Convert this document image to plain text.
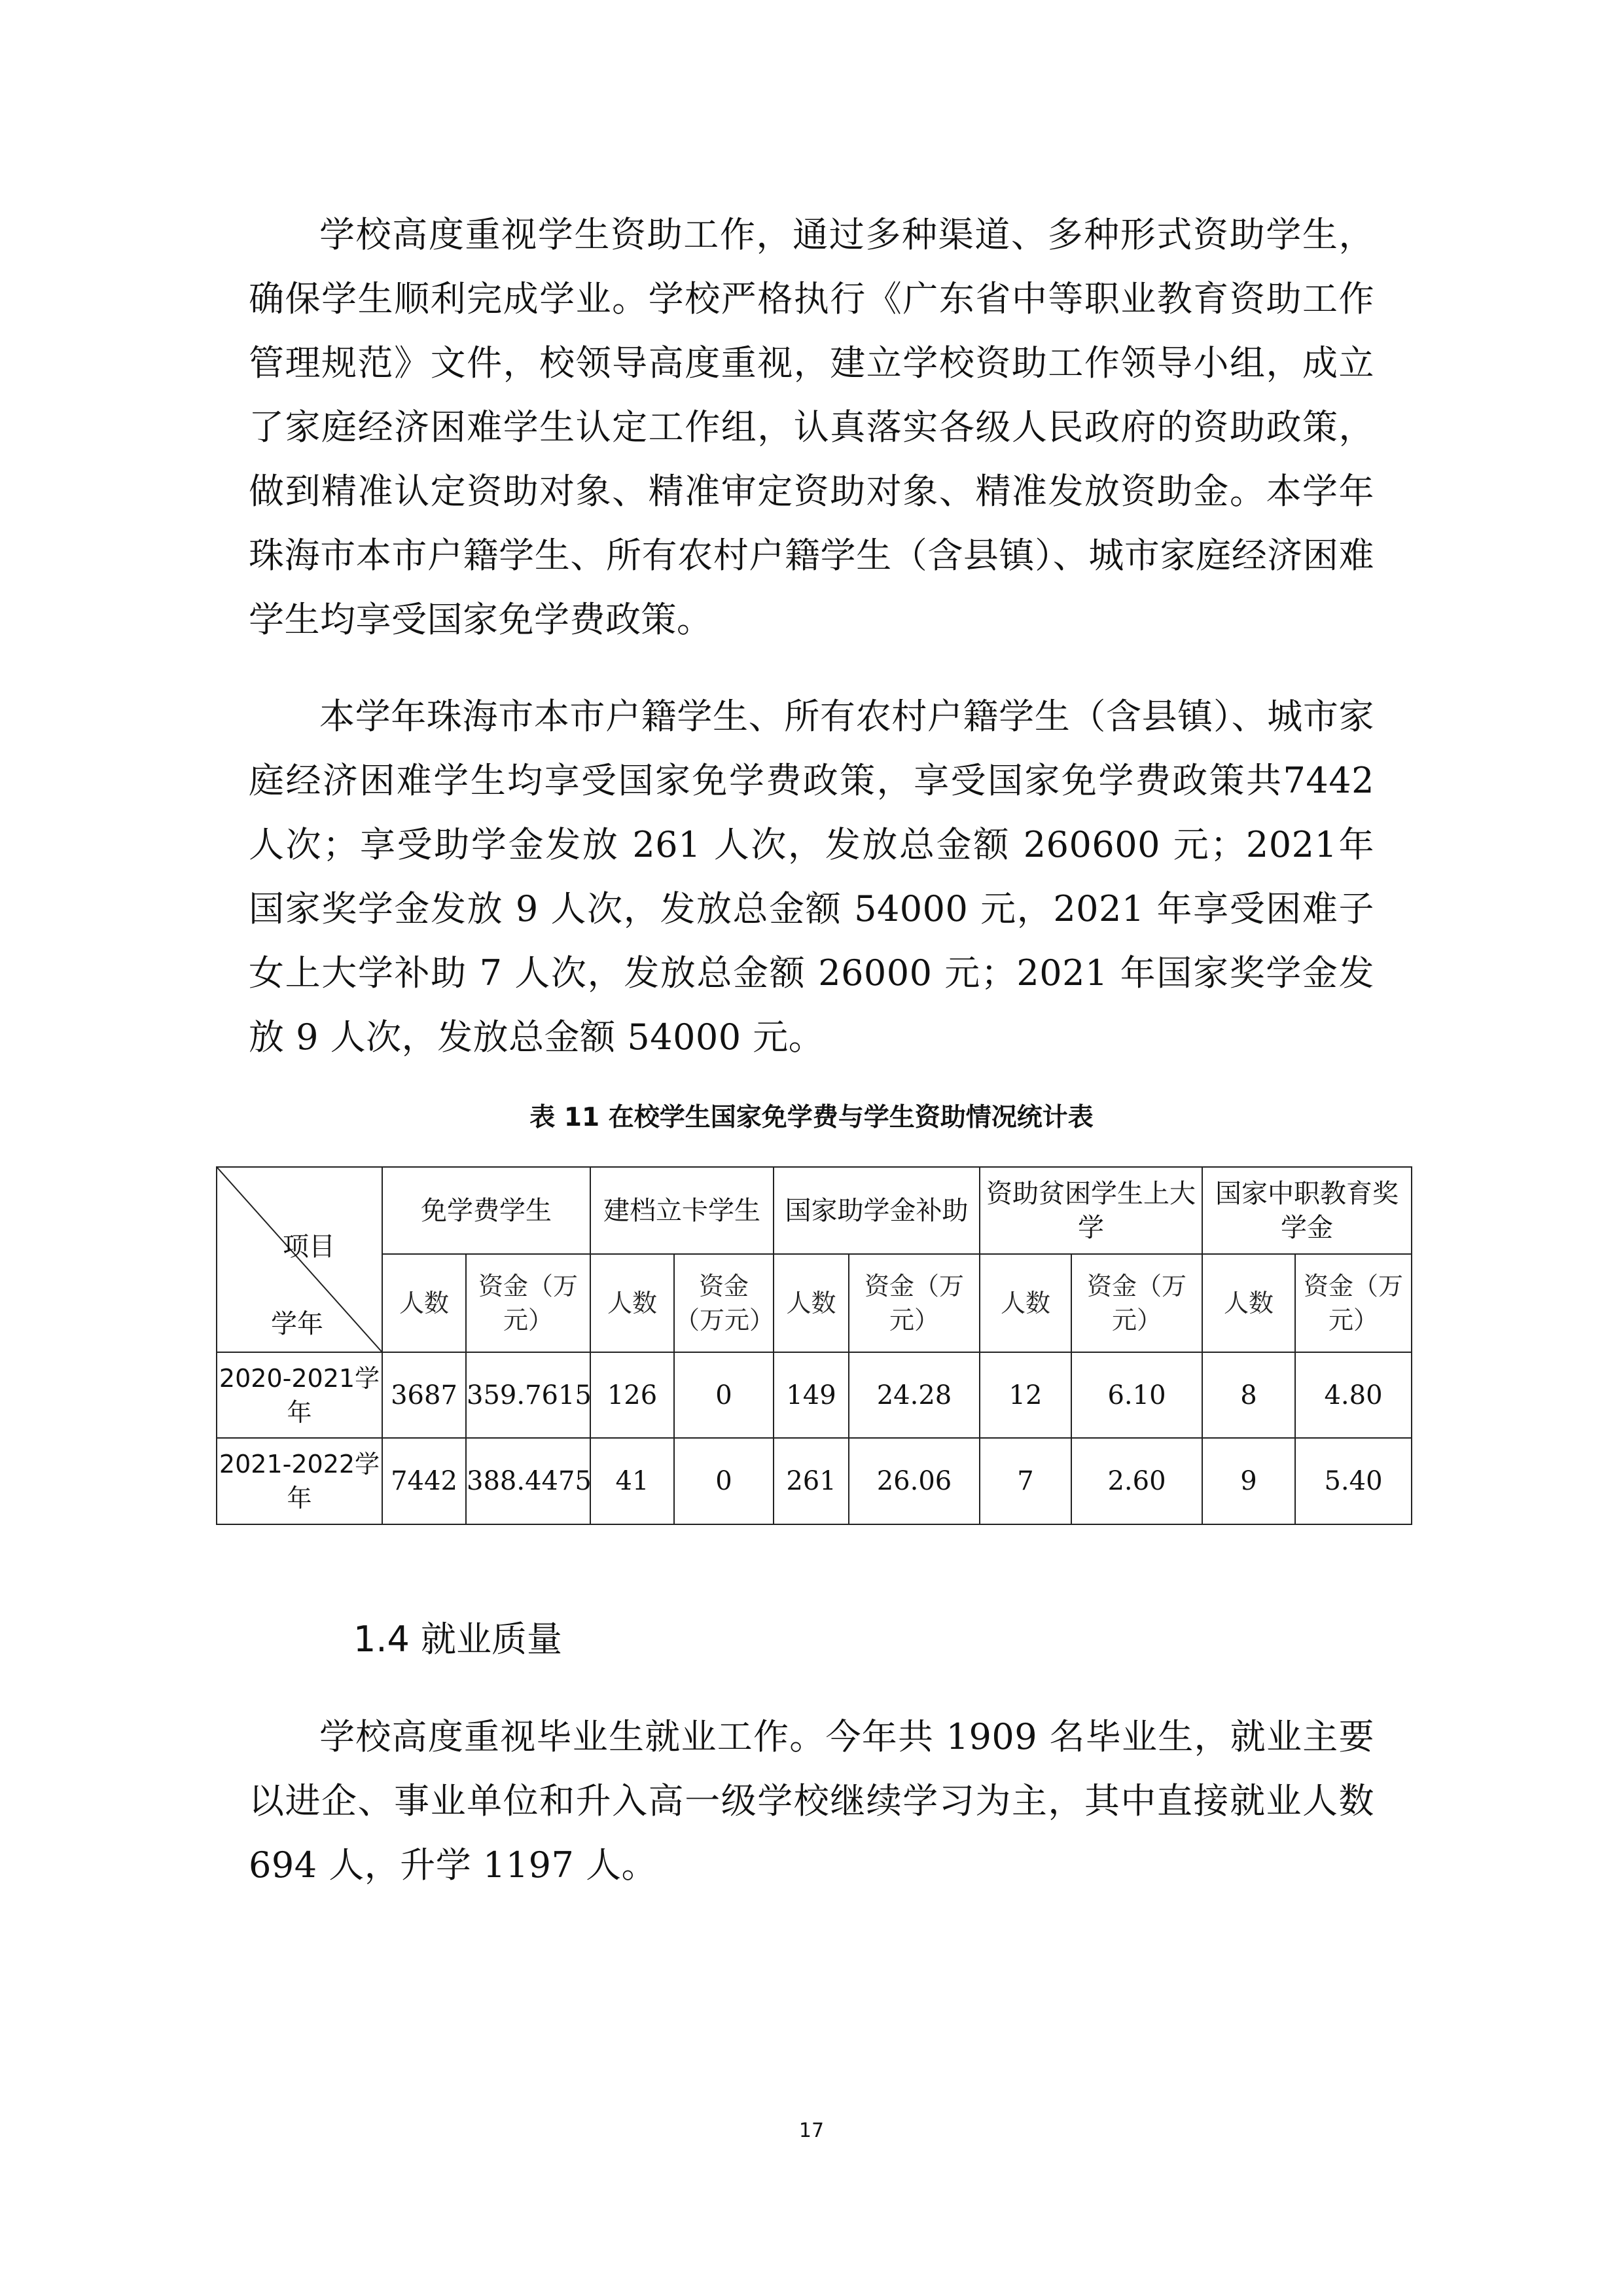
学校高度重视学生资助工作，通过多种渠道、多种形式资助学生，确保学生顺利完成学业。学校严格执行《广东省中等职业教育资助工作管理规范》文件，校领导高度重视，建立学校资助工作领导小组，成立了家庭经济困难学生认定工作组，认真落实各级人民政府的资助政策，做到精准认定资助对象、精准审定资助对象、精准发放资助金。本学年珠海市本市户籍学生、所有农村户籍学生（含县镇）、城市家庭经济困难学生均享受国家免学费政策。

本学年珠海市本市户籍学生、所有农村户籍学生（含县镇）、城市家庭经济困难学生均享受国家免学费政策，享受国家免学费政策共7442 人次；享受助学金发放 261 人次，发放总金额 260600 元；2021年国家奖学金发放 9 人次，发放总金额 54000 元，2021 年享受困难子女上大学补助 7 人次，发放总金额 26000 元；2021 年国家奖学金发放 9 人次，发放总金额 54000 元。

表 11 在校学生国家免学费与学生资助情况统计表
项目
学年	免学费学生		建档立卡学生		国家助学金补助		资助贫困学生上大学		国家中职教育奖学金	
	人数	资金（万元）	人数	资金（万元）	人数	资金（万元）	人数	资金（万元）	人数	资金（万元）
2020-2021学年	3687	359.7615	126	0	149	24.28	12	6.10	8	4.80
2021-2022学年	7442	388.4475	41	0	261	26.06	7	2.60	9	5.40
1.4 就业质量

学校高度重视毕业生就业工作。今年共 1909 名毕业生，就业主要以进企、事业单位和升入高一级学校继续学习为主，其中直接就业人数 694 人，升学 1197 人。

17
